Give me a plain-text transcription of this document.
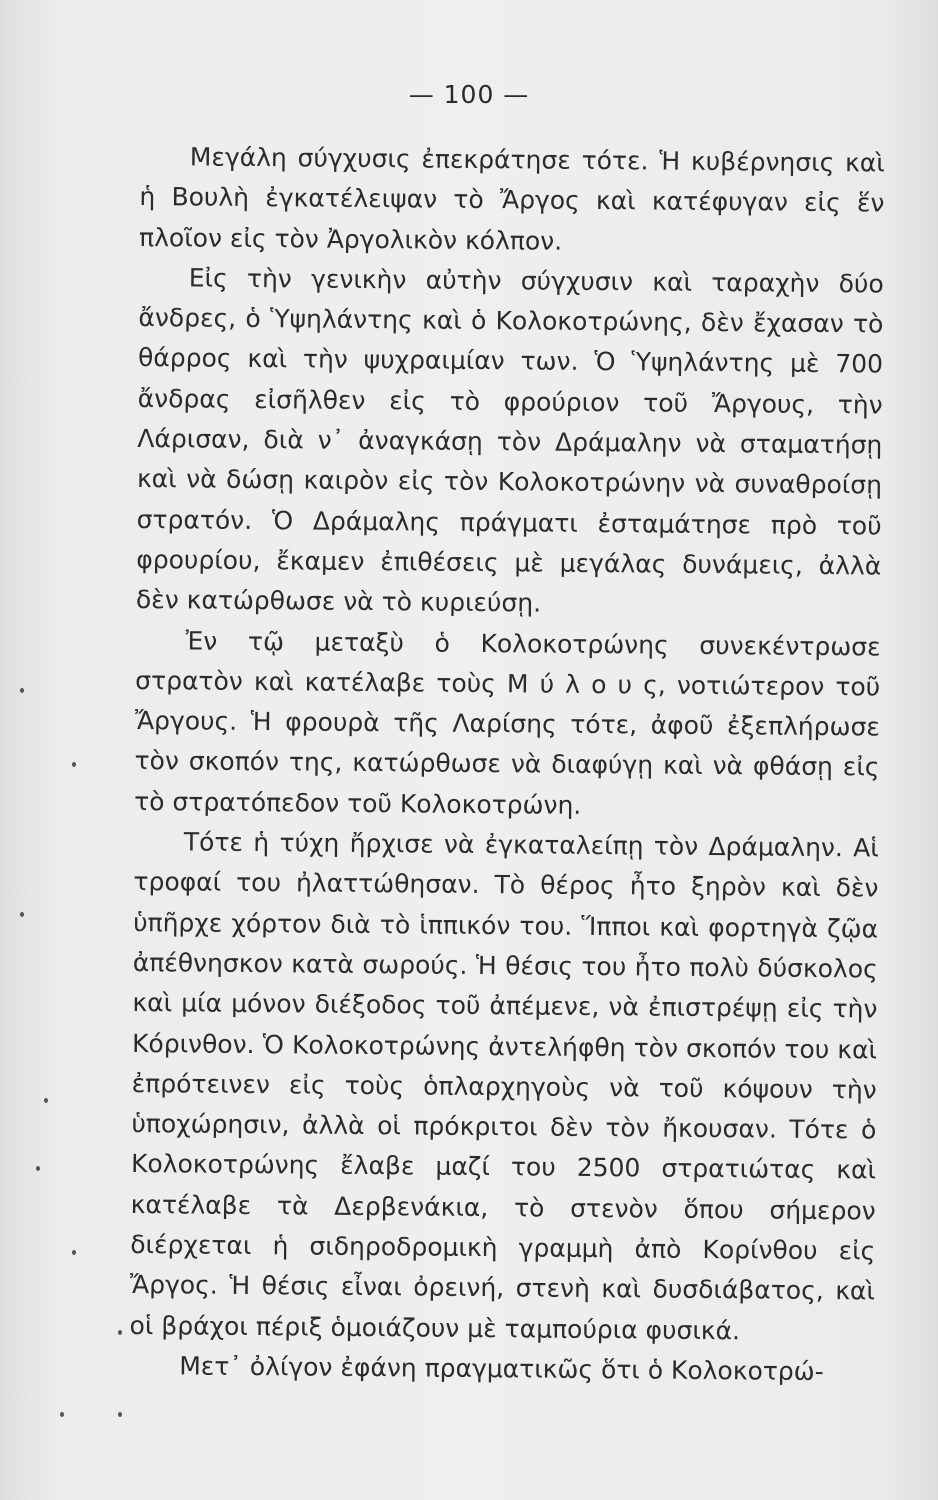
— 100 —

Μεγάλη σύγχυσις ἐπεκράτησε τότε. Ἡ κυβέρνησις καὶ ἡ Βουλὴ ἐγκατέλειψαν τὸ Ἄργος καὶ κατέφυγαν εἰς ἕν πλοῖον εἰς τὸν Ἀργολικὸν κόλπον.

Εἰς τὴν γενικὴν αὐτὴν σύγχυσιν καὶ ταραχὴν δύο ἄνδρες, ὁ Ὑψηλάντης καὶ ὁ Κολοκοτρώνης, δὲν ἔχασαν τὸ θάρρος καὶ τὴν ψυχραιμίαν των. Ὁ Ὑψηλάντης μὲ 700 ἄνδρας εἰσῆλθεν εἰς τὸ φρούριον τοῦ Ἄργους, τὴν Λάρισαν, διὰ ν᾽ ἀναγκάσῃ τὸν Δράμαλην νὰ σταματήσῃ καὶ νὰ δώσῃ καιρὸν εἰς τὸν Κολοκοτρώνην νὰ συναθροίσῃ στρατόν. Ὁ Δράμαλης πράγματι ἐσταμάτησε πρὸ τοῦ φρουρίου, ἔκαμεν ἐπιθέσεις μὲ μεγάλας δυνάμεις, ἀλλὰ δὲν κατώρθωσε νὰ τὸ κυριεύσῃ.

Ἐν τῷ μεταξὺ ὁ Κολοκοτρώνης συνεκέντρωσε στρατὸν καὶ κατέλαβε τοὺς Μ ύ λ ο υ ς, νοτιώτερον τοῦ Ἄργους. Ἡ φρουρὰ τῆς Λαρίσης τότε, ἀφοῦ ἐξεπλήρωσε τὸν σκοπόν της, κατώρθωσε νὰ διαφύγῃ καὶ νὰ φθάσῃ εἰς τὸ στρατόπεδον τοῦ Κολοκοτρώνη.

Τότε ἡ τύχη ἤρχισε νὰ ἐγκαταλείπῃ τὸν Δράμαλην. Αἱ τροφαί του ἠλαττώθησαν. Τὸ θέρος ἦτο ξηρὸν καὶ δὲν ὑπῆρχε χόρτον διὰ τὸ ἱππικόν του. Ἵπποι καὶ φορτηγὰ ζῷα ἀπέθνησκον κατὰ σωρούς. Ἡ θέσις του ἦτο πολὺ δύσκολος καὶ μία μόνον διέξοδος τοῦ ἀπέμενε, νὰ ἐπιστρέψῃ εἰς τὴν Κόρινθον. Ὁ Κολοκοτρώνης ἀντελήφθη τὸν σκοπόν του καὶ ἐπρότεινεν εἰς τοὺς ὁπλαρχηγοὺς νὰ τοῦ κόψουν τὴν ὑποχώρησιν, ἀλλὰ οἱ πρόκριτοι δὲν τὸν ἤκουσαν. Τότε ὁ Κολοκοτρώνης ἔλαβε μαζί του 2500 στρατιώτας καὶ κατέλαβε τὰ Δερβενάκια, τὸ στενὸν ὅπου σήμερον διέρχεται ἡ σιδηροδρομικὴ γραμμὴ ἀπὸ Κορίνθου εἰς Ἄργος. Ἡ θέσις εἶναι ὀρεινή, στενὴ καὶ δυσδιάβατος, καὶ οἱ βράχοι πέριξ ὁμοιάζουν μὲ ταμπούρια φυσικά.

Μετ᾽ ὀλίγον ἐφάνη πραγματικῶς ὅτι ὁ Κολοκοτρώ-
